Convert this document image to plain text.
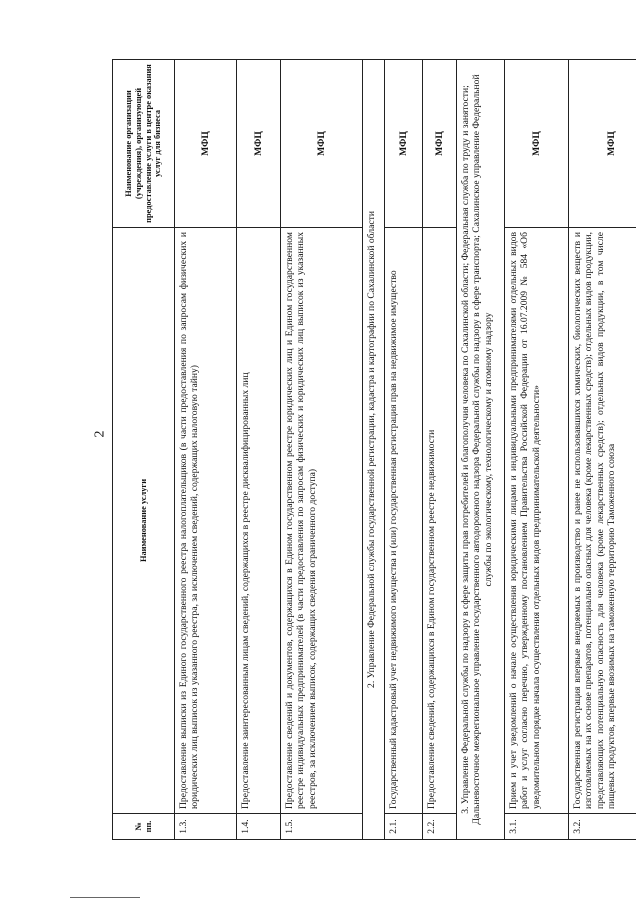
2
№ пп.	Наименование услуги	Наименование организации (учреждения), организующей предоставление услуги в центре оказания услуг для бизнеса
1.3.	Предоставление выписки из Единого государственного реестра налогоплательщиков (в части предоставления по запросам физических и юридических лиц выписок из указанного реестра, за исключением сведений, содержащих налоговую тайну)	МФЦ
1.4.	Предоставление заинтересованным лицам сведений, содержащихся в реестре дисквалифицированных лиц	МФЦ
1.5.	Предоставление сведений и документов, содержащихся в Едином государственном реестре юридических лиц и Едином государственном реестре индивидуальных предпринимателей (в части предоставления по запросам физических и юридических лиц выписок из указанных реестров, за исключением выписок, содержащих сведения ограниченного доступа)	МФЦ
2. Управление Федеральной службы государственной регистрации, кадастра и картографии по Сахалинской области		
2.1.	Государственный кадастровый учет недвижимого имущества и (или) государственная регистрация прав на недвижимое имущество	МФЦ
2.2.	Предоставление сведений, содержащихся в Едином государственном реестре недвижимости	МФЦ
3. Управление Федеральной службы по надзору в сфере защиты прав потребителей и благополучия человека по Сахалинской области; Федеральная служба по труду и занятости; Дальневосточное межрегиональное управление государственного автодорожного надзора Федеральной службы по надзору в сфере транспорта; Сахалинское управление Федеральной службы по экологическому, технологическому и атомному надзору		
3.1.	Прием и учет уведомлений о начале осуществления юридическими лицами и индивидуальными предпринимателями отдельных видов работ и услуг согласно перечню, утвержденному постановлением Правительства Российской Федерации от 16.07.2009 № 584 «Об уведомительном порядке начала осуществления отдельных видов предпринимательской деятельности»	МФЦ
3.2.	Государственная регистрация впервые внедряемых в производство и ранее не использовавшихся химических, биологических веществ и изготовляемых на их основе препаратов, потенциально опасных для человека (кроме лекарственных средств); отдельных видов продукции, представляющих потенциальную опасность для человека (кроме лекарственных средств); отдельных видов продукции, в том числе пищевых продуктов, впервые ввозимых на таможенную территорию Таможенного союза	МФЦ
